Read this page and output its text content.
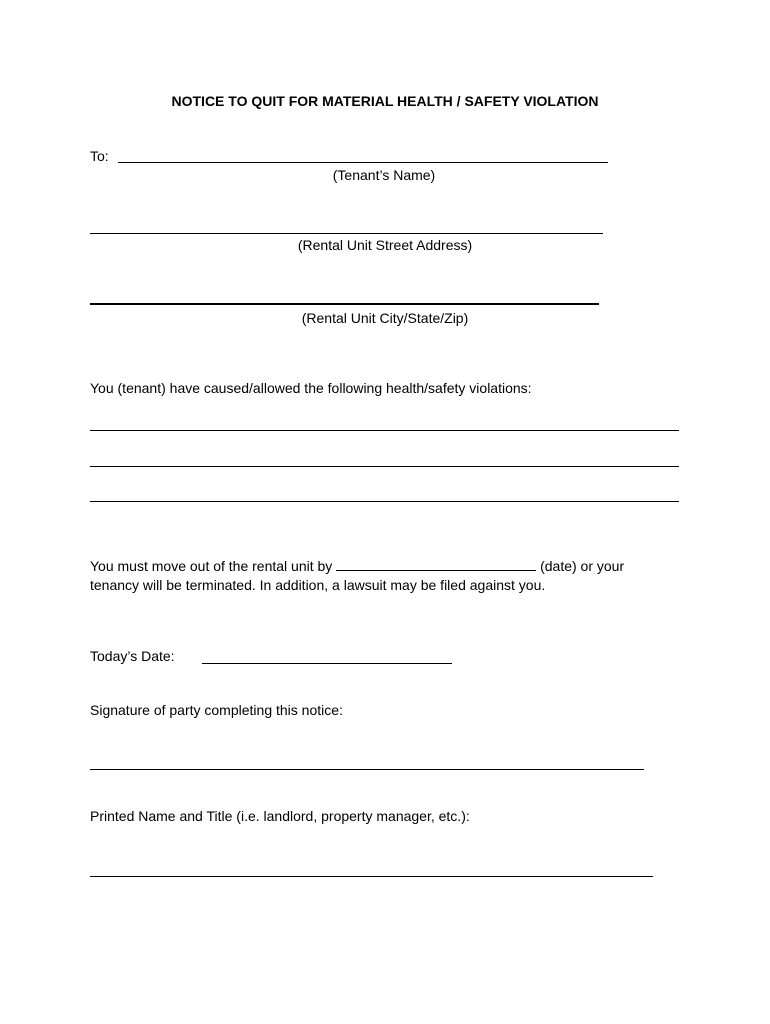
NOTICE TO QUIT FOR MATERIAL HEALTH / SAFETY VIOLATION
To:
(Tenant’s Name)
(Rental Unit Street Address)
(Rental Unit City/State/Zip)
You (tenant) have caused/allowed the following health/safety violations:
You must move out of the rental unit by	(date) or your
tenancy will be terminated. In addition, a lawsuit may be filed against you.
Today’s Date:
Signature of party completing this notice:
Printed Name and Title (i.e. landlord, property manager, etc.):
